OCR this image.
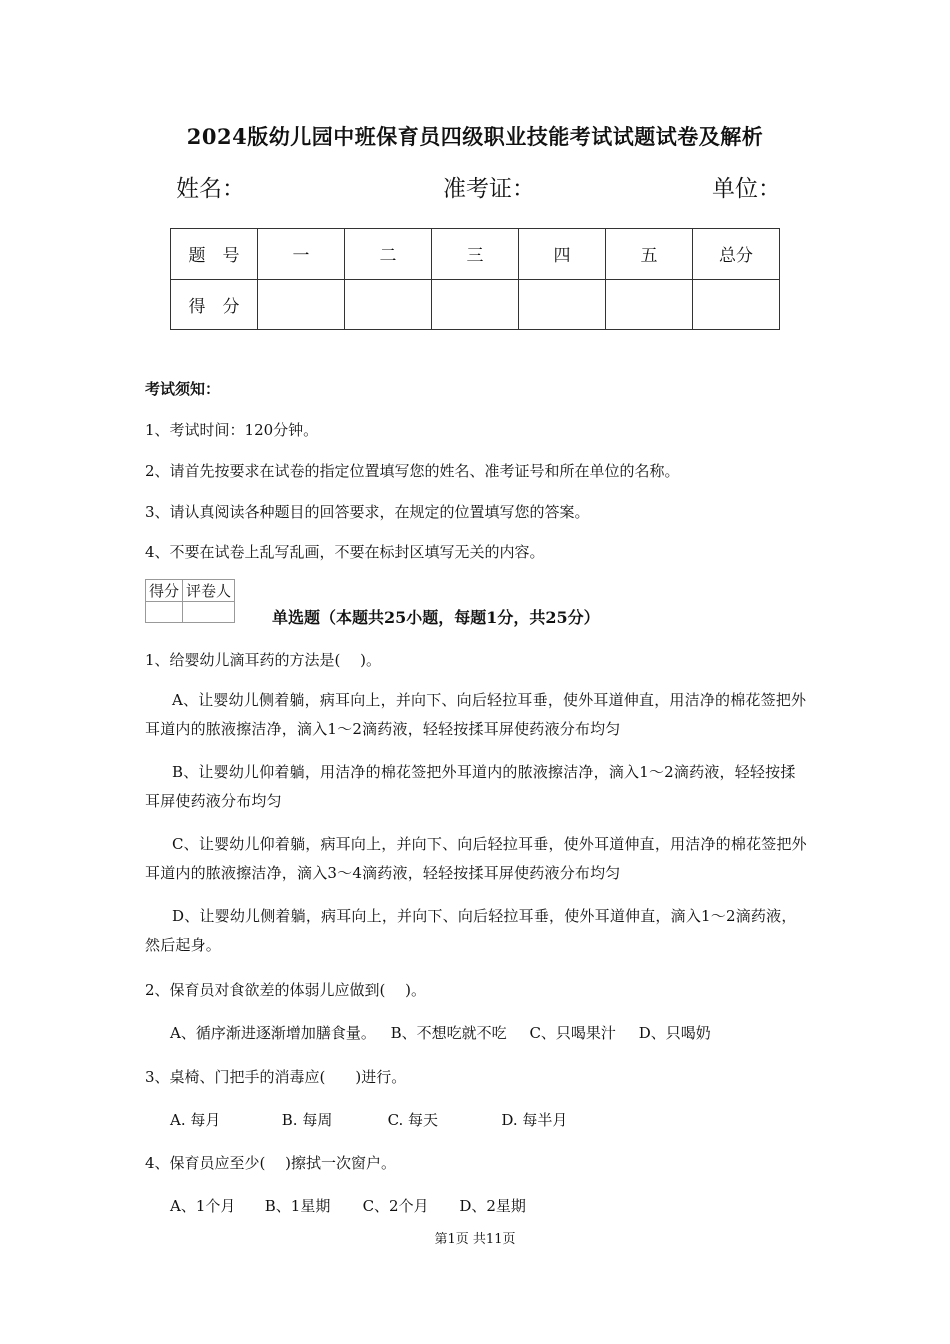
2024版幼儿园中班保育员四级职业技能考试试题试卷及解析
姓名：	准考证：	单位：
题　号	一	二	三	四	五	总分
得　分						
考试须知：
1、考试时间：120分钟。
2、请首先按要求在试卷的指定位置填写您的姓名、准考证号和所在单位的名称。
3、请认真阅读各种题目的回答要求，在规定的位置填写您的答案。
4、不要在试卷上乱写乱画，不要在标封区填写无关的内容。
得分	评卷人

单选题（本题共25小题，每题1分，共25分）
1、给婴幼儿滴耳药的方法是(　 )。
A、让婴幼儿侧着躺，病耳向上，并向下、向后轻拉耳垂，使外耳道伸直，用洁净的棉花签把外耳道内的脓液擦洁净，滴入1～2滴药液，轻轻按揉耳屏使药液分布均匀
B、让婴幼儿仰着躺，用洁净的棉花签把外耳道内的脓液擦洁净，滴入1～2滴药液，轻轻按揉耳屏使药液分布均匀
C、让婴幼儿仰着躺，病耳向上，并向下、向后轻拉耳垂，使外耳道伸直，用洁净的棉花签把外耳道内的脓液擦洁净，滴入3～4滴药液，轻轻按揉耳屏使药液分布均匀
D、让婴幼儿侧着躺，病耳向上，并向下、向后轻拉耳垂，使外耳道伸直，滴入1～2滴药液，然后起身。
2、保育员对食欲差的体弱儿应做到(　 )。
A、循序渐进逐渐增加膳食量。 B、不想吃就不吃 C、只喝果汁 D、只喝奶
3、桌椅、门把手的消毒应(　　)进行。
A. 每月	B. 每周	C. 每天	D. 每半月
4、保育员应至少(　 )擦拭一次窗户。
A、1个月 B、1星期 C、2个月 D、2星期
第1页 共11页
